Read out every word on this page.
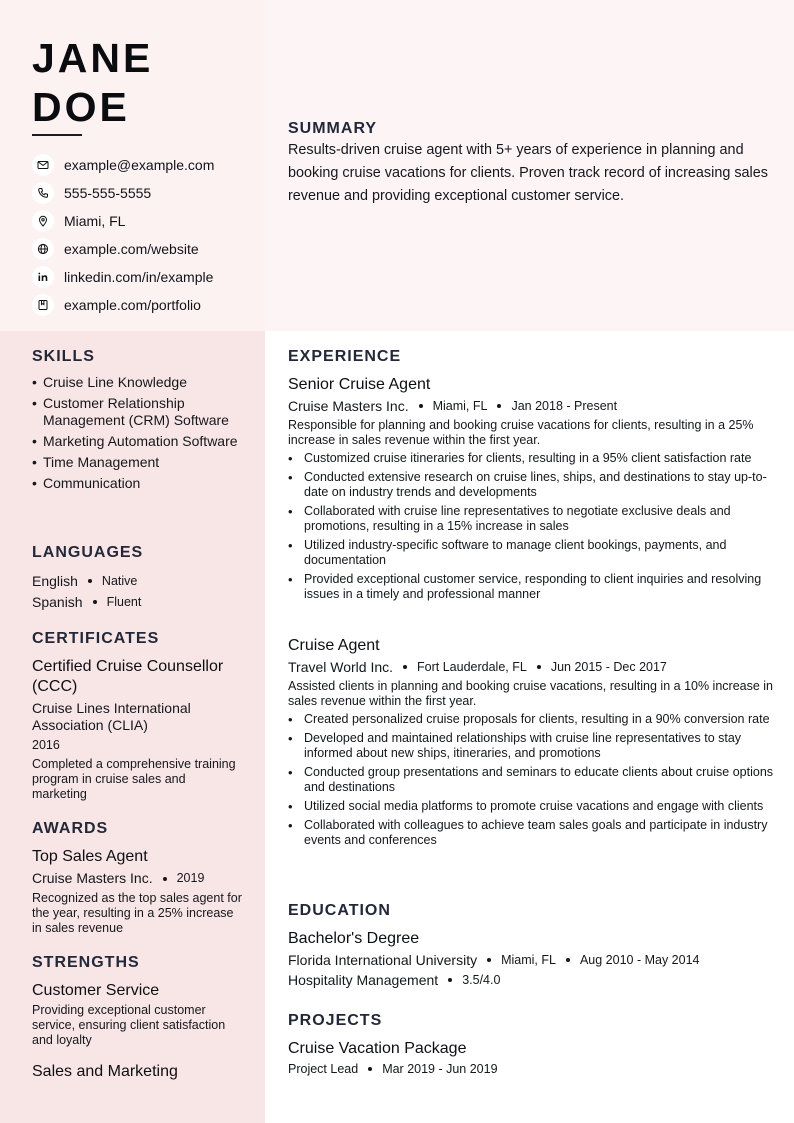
JANE
DOE
example@example.com
555-555-5555
Miami, FL
example.com/website
linkedin.com/in/example
example.com/portfolio
SUMMARY

Results-driven cruise agent with 5+ years of experience in planning and booking cruise vacations for clients. Proven track record of increasing sales revenue and providing exceptional customer service.

SKILLS
• Cruise Line Knowledge
• Customer Relationship Management (CRM) Software
• Marketing Automation Software
• Time Management
• Communication
LANGUAGES
English Native
Spanish Fluent
CERTIFICATES

Certified Cruise Counsellor (CCC)

Cruise Lines International Association (CLIA)

2016

Completed a comprehensive training program in cruise sales and marketing

AWARDS

Top Sales Agent

Cruise Masters Inc. 2019

Recognized as the top sales agent for the year, resulting in a 25% increase in sales revenue

STRENGTHS

Customer Service

Providing exceptional customer service, ensuring client satisfaction and loyalty

Sales and Marketing

EXPERIENCE

Senior Cruise Agent

Cruise Masters Inc. Miami, FL Jan 2018 - Present

Responsible for planning and booking cruise vacations for clients, resulting in a 25% increase in sales revenue within the first year.

• Customized cruise itineraries for clients, resulting in a 95% client satisfaction rate
• Conducted extensive research on cruise lines, ships, and destinations to stay up-to-date on industry trends and developments
• Collaborated with cruise line representatives to negotiate exclusive deals and promotions, resulting in a 15% increase in sales
• Utilized industry-specific software to manage client bookings, payments, and documentation
• Provided exceptional customer service, responding to client inquiries and resolving issues in a timely and professional manner

Cruise Agent

Travel World Inc. Fort Lauderdale, FL Jun 2015 - Dec 2017

Assisted clients in planning and booking cruise vacations, resulting in a 10% increase in sales revenue within the first year.

• Created personalized cruise proposals for clients, resulting in a 90% conversion rate
• Developed and maintained relationships with cruise line representatives to stay informed about new ships, itineraries, and promotions
• Conducted group presentations and seminars to educate clients about cruise options and destinations
• Utilized social media platforms to promote cruise vacations and engage with clients
• Collaborated with colleagues to achieve team sales goals and participate in industry events and conferences
EDUCATION

Bachelor's Degree

Florida International University Miami, FL Aug 2010 - May 2014
Hospitality Management 3.5/4.0
PROJECTS

Cruise Vacation Package

Project Lead Mar 2019 - Jun 2019
